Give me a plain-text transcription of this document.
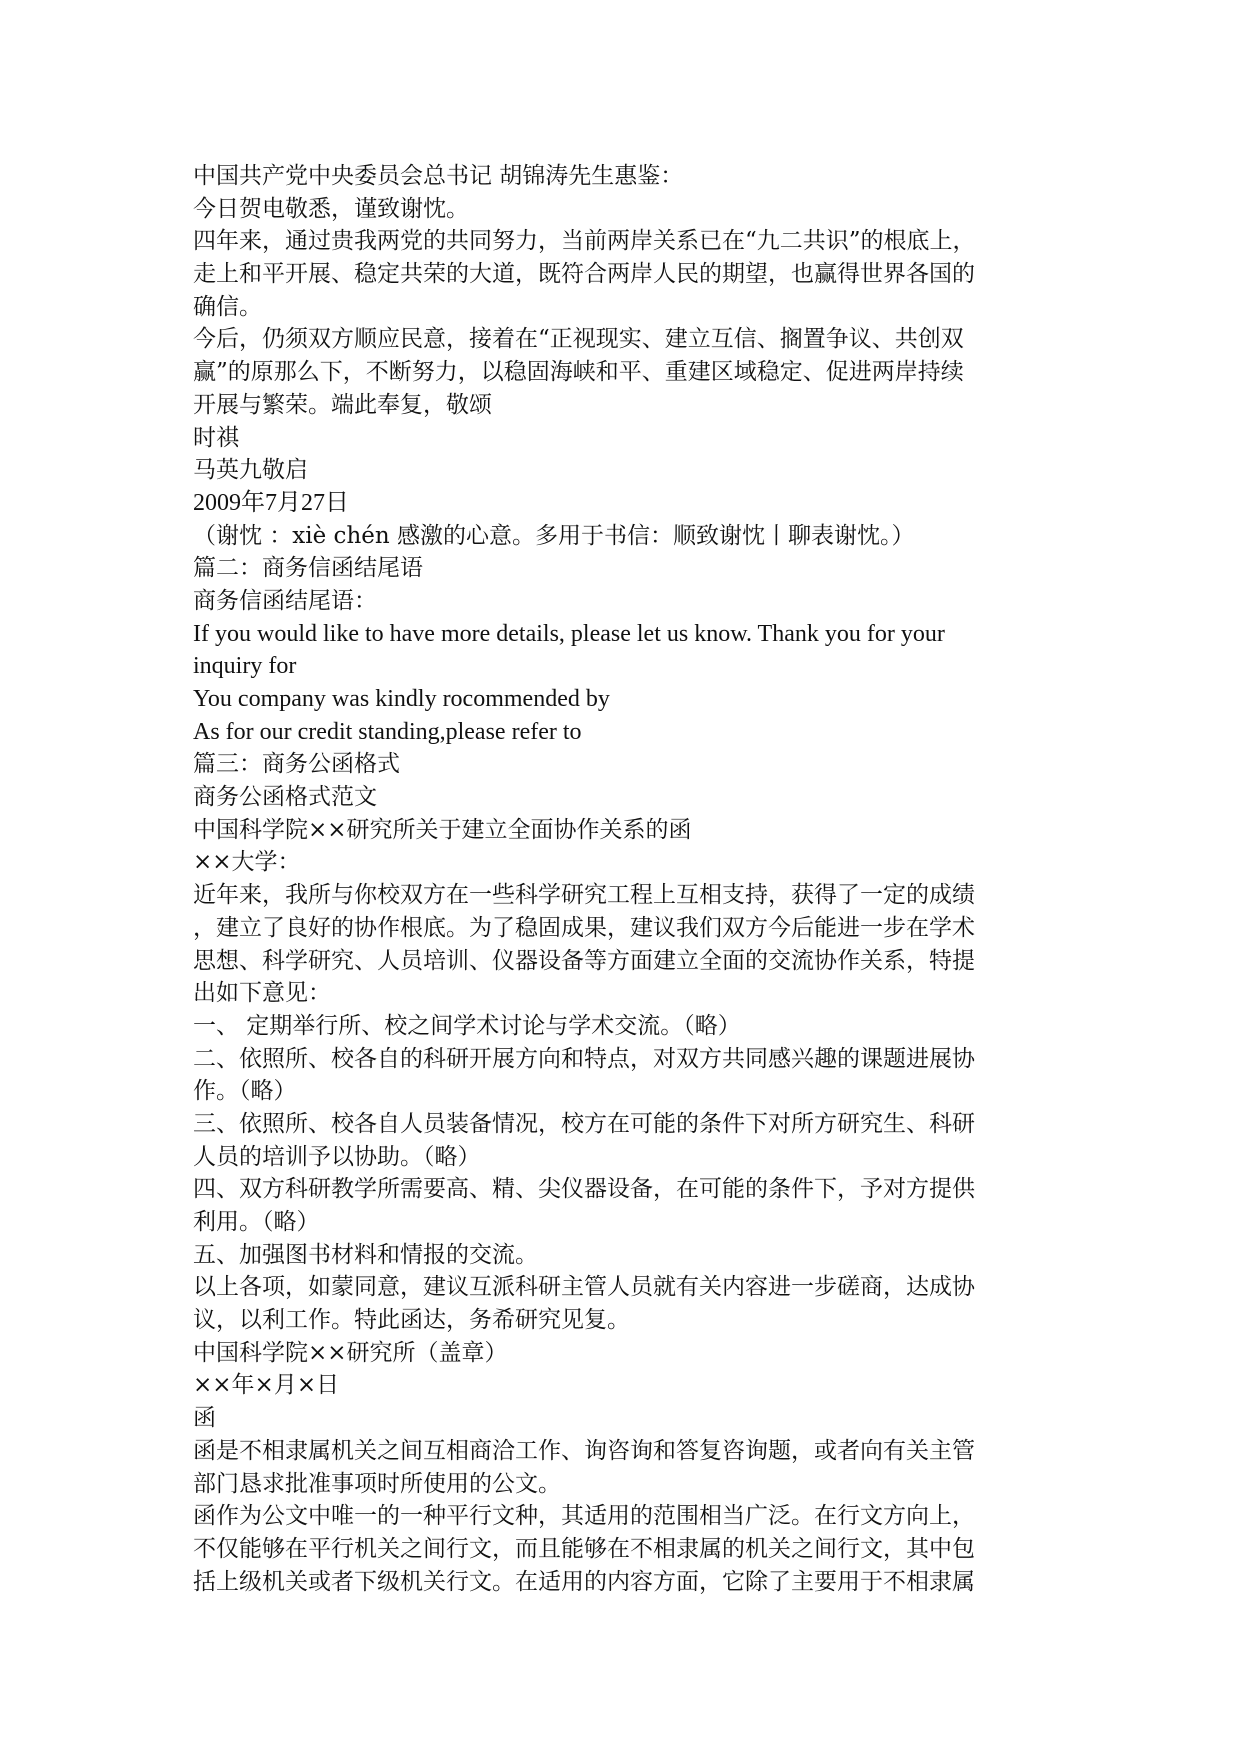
中国共产党中央委员会总书记 胡锦涛先生惠鉴：
今日贺电敬悉，谨致谢忱。
四年来，通过贵我两党的共同努力，当前两岸关系已在“九二共识”的根底上，
走上和平开展、稳定共荣的大道，既符合两岸人民的期望，也赢得世界各国的
确信。
今后，仍须双方顺应民意，接着在“正视现实、建立互信、搁置争议、共创双
赢”的原那么下，不断努力，以稳固海峡和平、重建区域稳定、促进两岸持续
开展与繁荣。端此奉复，敬颂
时祺
马英九敬启
2009年7月27日
（谢忱 ：xiè chén 感激的心意。多用于书信：顺致谢忱丨聊表谢忱。）
篇二：商务信函结尾语
商务信函结尾语：
If you would like to have more details, please let us know. Thank you for your
inquiry for
You company was kindly rocommended by
As for our credit standing,please refer to
篇三：商务公函格式
商务公函格式范文
中国科学院××研究所关于建立全面协作关系的函
××大学：
近年来，我所与你校双方在一些科学研究工程上互相支持，获得了一定的成绩
，建立了良好的协作根底。为了稳固成果，建议我们双方今后能进一步在学术
思想、科学研究、人员培训、仪器设备等方面建立全面的交流协作关系，特提
出如下意见：
一、 定期举行所、校之间学术讨论与学术交流。（略）
二、依照所、校各自的科研开展方向和特点，对双方共同感兴趣的课题进展协
作。（略）
三、依照所、校各自人员装备情况，校方在可能的条件下对所方研究生、科研
人员的培训予以协助。（略）
四、双方科研教学所需要高、精、尖仪器设备，在可能的条件下，予对方提供
利用。（略）
五、加强图书材料和情报的交流。
以上各项，如蒙同意，建议互派科研主管人员就有关内容进一步磋商，达成协
议，以利工作。特此函达，务希研究见复。
中国科学院××研究所（盖章）
××年×月×日
函
函是不相隶属机关之间互相商洽工作、询咨询和答复咨询题，或者向有关主管
部门恳求批准事项时所使用的公文。
函作为公文中唯一的一种平行文种，其适用的范围相当广泛。在行文方向上，
不仅能够在平行机关之间行文，而且能够在不相隶属的机关之间行文，其中包
括上级机关或者下级机关行文。在适用的内容方面，它除了主要用于不相隶属
